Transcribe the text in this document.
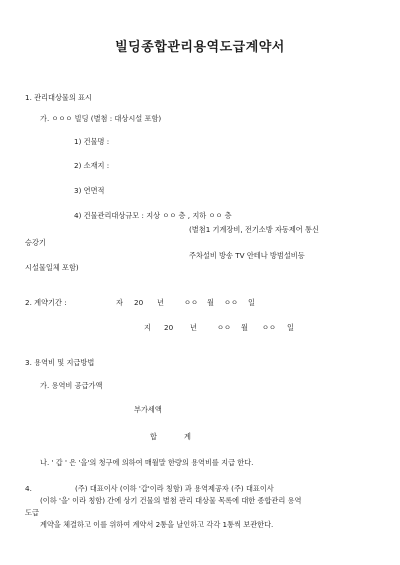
빌딩종합관리용역도급계약서
1. 관리대상물의 표시
가. ㅇㅇㅇ 빌딩 (별첨 : 대상시설 포함)
1) 건물명 :
2) 소재지 :
3) 연면적
4) 건물관리대상규모 : 지상 ㅇㅇ 층 , 지하 ㅇㅇ 층
(별첨1 기계장비, 전기소방 자동제어 통신
승강기
주차설비 방송 TV 안테나 방범설비등
시설물일체 포함)
2. 계약기간 :	자 20 년	ㅇㅇ 월 ㅇㅇ 일
지 20 년	ㅇㅇ 월 ㅇㅇ 일
3. 용역비 및 지급방법
가. 용역비 공급가액
부가세액
합	계
나. ' 갑 ' 은 '을'의 청구에 의하여 매월말 한량의 용역비를 지급 한다.
4.	(주) 대표이사 (이하 '갑'이라 칭함) 과 용역제공자 (주) 대표이사
(이하 '을' 이라 칭함) 간에 상기 건물의 별첨 관리 대상물 목록에 대한 종합관리 용역
도급
계약을 체결하고 이를 위하여 계약서 2통을 날인하고 각각 1통씩 보관한다.
